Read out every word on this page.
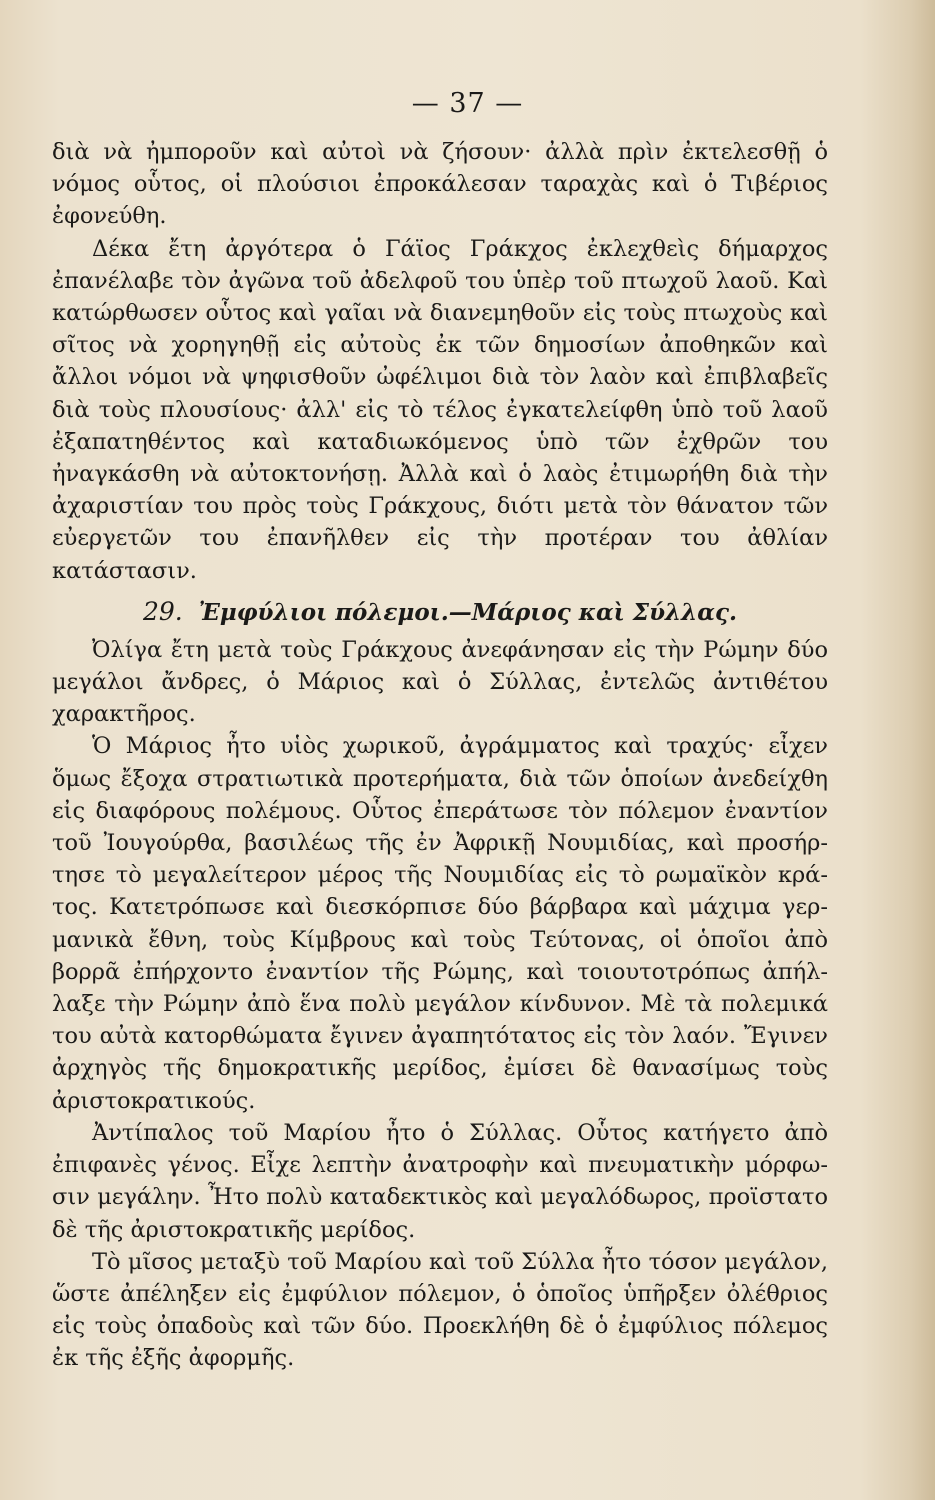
— 37 —

διὰ νὰ ἠμποροῦν καὶ αὐτοὶ νὰ ζήσουν· ἀλλὰ πρὶν ἐκτελεσθῇ ὁ νόμος οὗτος, οἱ πλούσιοι ἐπροκάλεσαν ταραχὰς καὶ ὁ Τιβέριος ἐφονεύθη.

Δέκα ἔτη ἀργότερα ὁ Γάϊος Γράκχος ἐκλεχθεὶς δήμαρχος ἐπανέλαβε τὸν ἀγῶνα τοῦ ἀδελφοῦ του ὑπὲρ τοῦ πτωχοῦ λαοῦ. Καὶ κατώρθωσεν οὗτος καὶ γαῖαι νὰ διανεμηθοῦν εἰς τοὺς πτωχοὺς καὶ σῖτος νὰ χορηγηθῇ εἰς αὐτοὺς ἐκ τῶν δημοσίων ἀποθηκῶν καὶ ἄλλοι νόμοι νὰ ψηφισθοῦν ὠφέλιμοι διὰ τὸν λαὸν καὶ ἐπιβλαβεῖς διὰ τοὺς πλουσίους· ἀλλ' εἰς τὸ τέλος ἐγκατελείφθη ὑπὸ τοῦ λαοῦ ἐξαπατηθέντος καὶ καταδιωκόμενος ὑπὸ τῶν ἐχθρῶν του ἠναγκάσθη νὰ αὐτοκτονήσῃ. Ἀλλὰ καὶ ὁ λαὸς ἐτιμωρήθη διὰ τὴν ἀχαριστίαν του πρὸς τοὺς Γράκχους, διότι μετὰ τὸν θάνατον τῶν εὐεργετῶν του ἐπανῆλθεν εἰς τὴν προτέραν του ἀθλίαν κατάστασιν.

29. Ἐμφύλιοι πόλεμοι.—Μάριος καὶ Σύλλας.

Ὀλίγα ἔτη μετὰ τοὺς Γράκχους ἀνεφάνησαν εἰς τὴν Ρώμην δύο μεγάλοι ἄνδρες, ὁ Μάριος καὶ ὁ Σύλλας, ἐντελῶς ἀντιθέτου χαρακτῆρος.

Ὁ Μάριος ἦτο υἱὸς χωρικοῦ, ἀγράμματος καὶ τραχύς· εἶχεν ὅμως ἔξοχα στρατιωτικὰ προτερήματα, διὰ τῶν ὁποίων ἀνεδείχθη εἰς διαφόρους πολέμους. Οὗτος ἐπεράτωσε τὸν πόλεμον ἐναντίον τοῦ Ἰουγούρθα, βασιλέως τῆς ἐν Ἀφρικῇ Νουμιδίας, καὶ προσήρτησε τὸ μεγαλείτερον μέρος τῆς Νουμιδίας εἰς τὸ ρωμαϊκὸν κράτος. Κατετρόπωσε καὶ διεσκόρπισε δύο βάρβαρα καὶ μάχιμα γερμανικὰ ἔθνη, τοὺς Κίμβρους καὶ τοὺς Τεύτονας, οἱ ὁποῖοι ἀπὸ βορρᾶ ἐπήρχοντο ἐναντίον τῆς Ρώμης, καὶ τοιουτοτρόπως ἀπήλλαξε τὴν Ρώμην ἀπὸ ἕνα πολὺ μεγάλον κίνδυνον. Μὲ τὰ πολεμικά του αὐτὰ κατορθώματα ἔγινεν ἀγαπητότατος εἰς τὸν λαόν. Ἔγινεν ἀρχηγὸς τῆς δημοκρατικῆς μερίδος, ἐμίσει δὲ θανασίμως τοὺς ἀριστοκρατικούς.

Ἀντίπαλος τοῦ Μαρίου ἦτο ὁ Σύλλας. Οὗτος κατήγετο ἀπὸ ἐπιφανὲς γένος. Εἶχε λεπτὴν ἀνατροφὴν καὶ πνευματικὴν μόρφωσιν μεγάλην. Ἦτο πολὺ καταδεκτικὸς καὶ μεγαλόδωρος, προϊστατο δὲ τῆς ἀριστοκρατικῆς μερίδος.

Τὸ μῖσος μεταξὺ τοῦ Μαρίου καὶ τοῦ Σύλλα ἦτο τόσον μεγάλον, ὥστε ἀπέληξεν εἰς ἐμφύλιον πόλεμον, ὁ ὁποῖος ὑπῆρξεν ὀλέθριος εἰς τοὺς ὀπαδοὺς καὶ τῶν δύο. Προεκλήθη δὲ ὁ ἐμφύλιος πόλεμος ἐκ τῆς ἐξῆς ἀφορμῆς.
